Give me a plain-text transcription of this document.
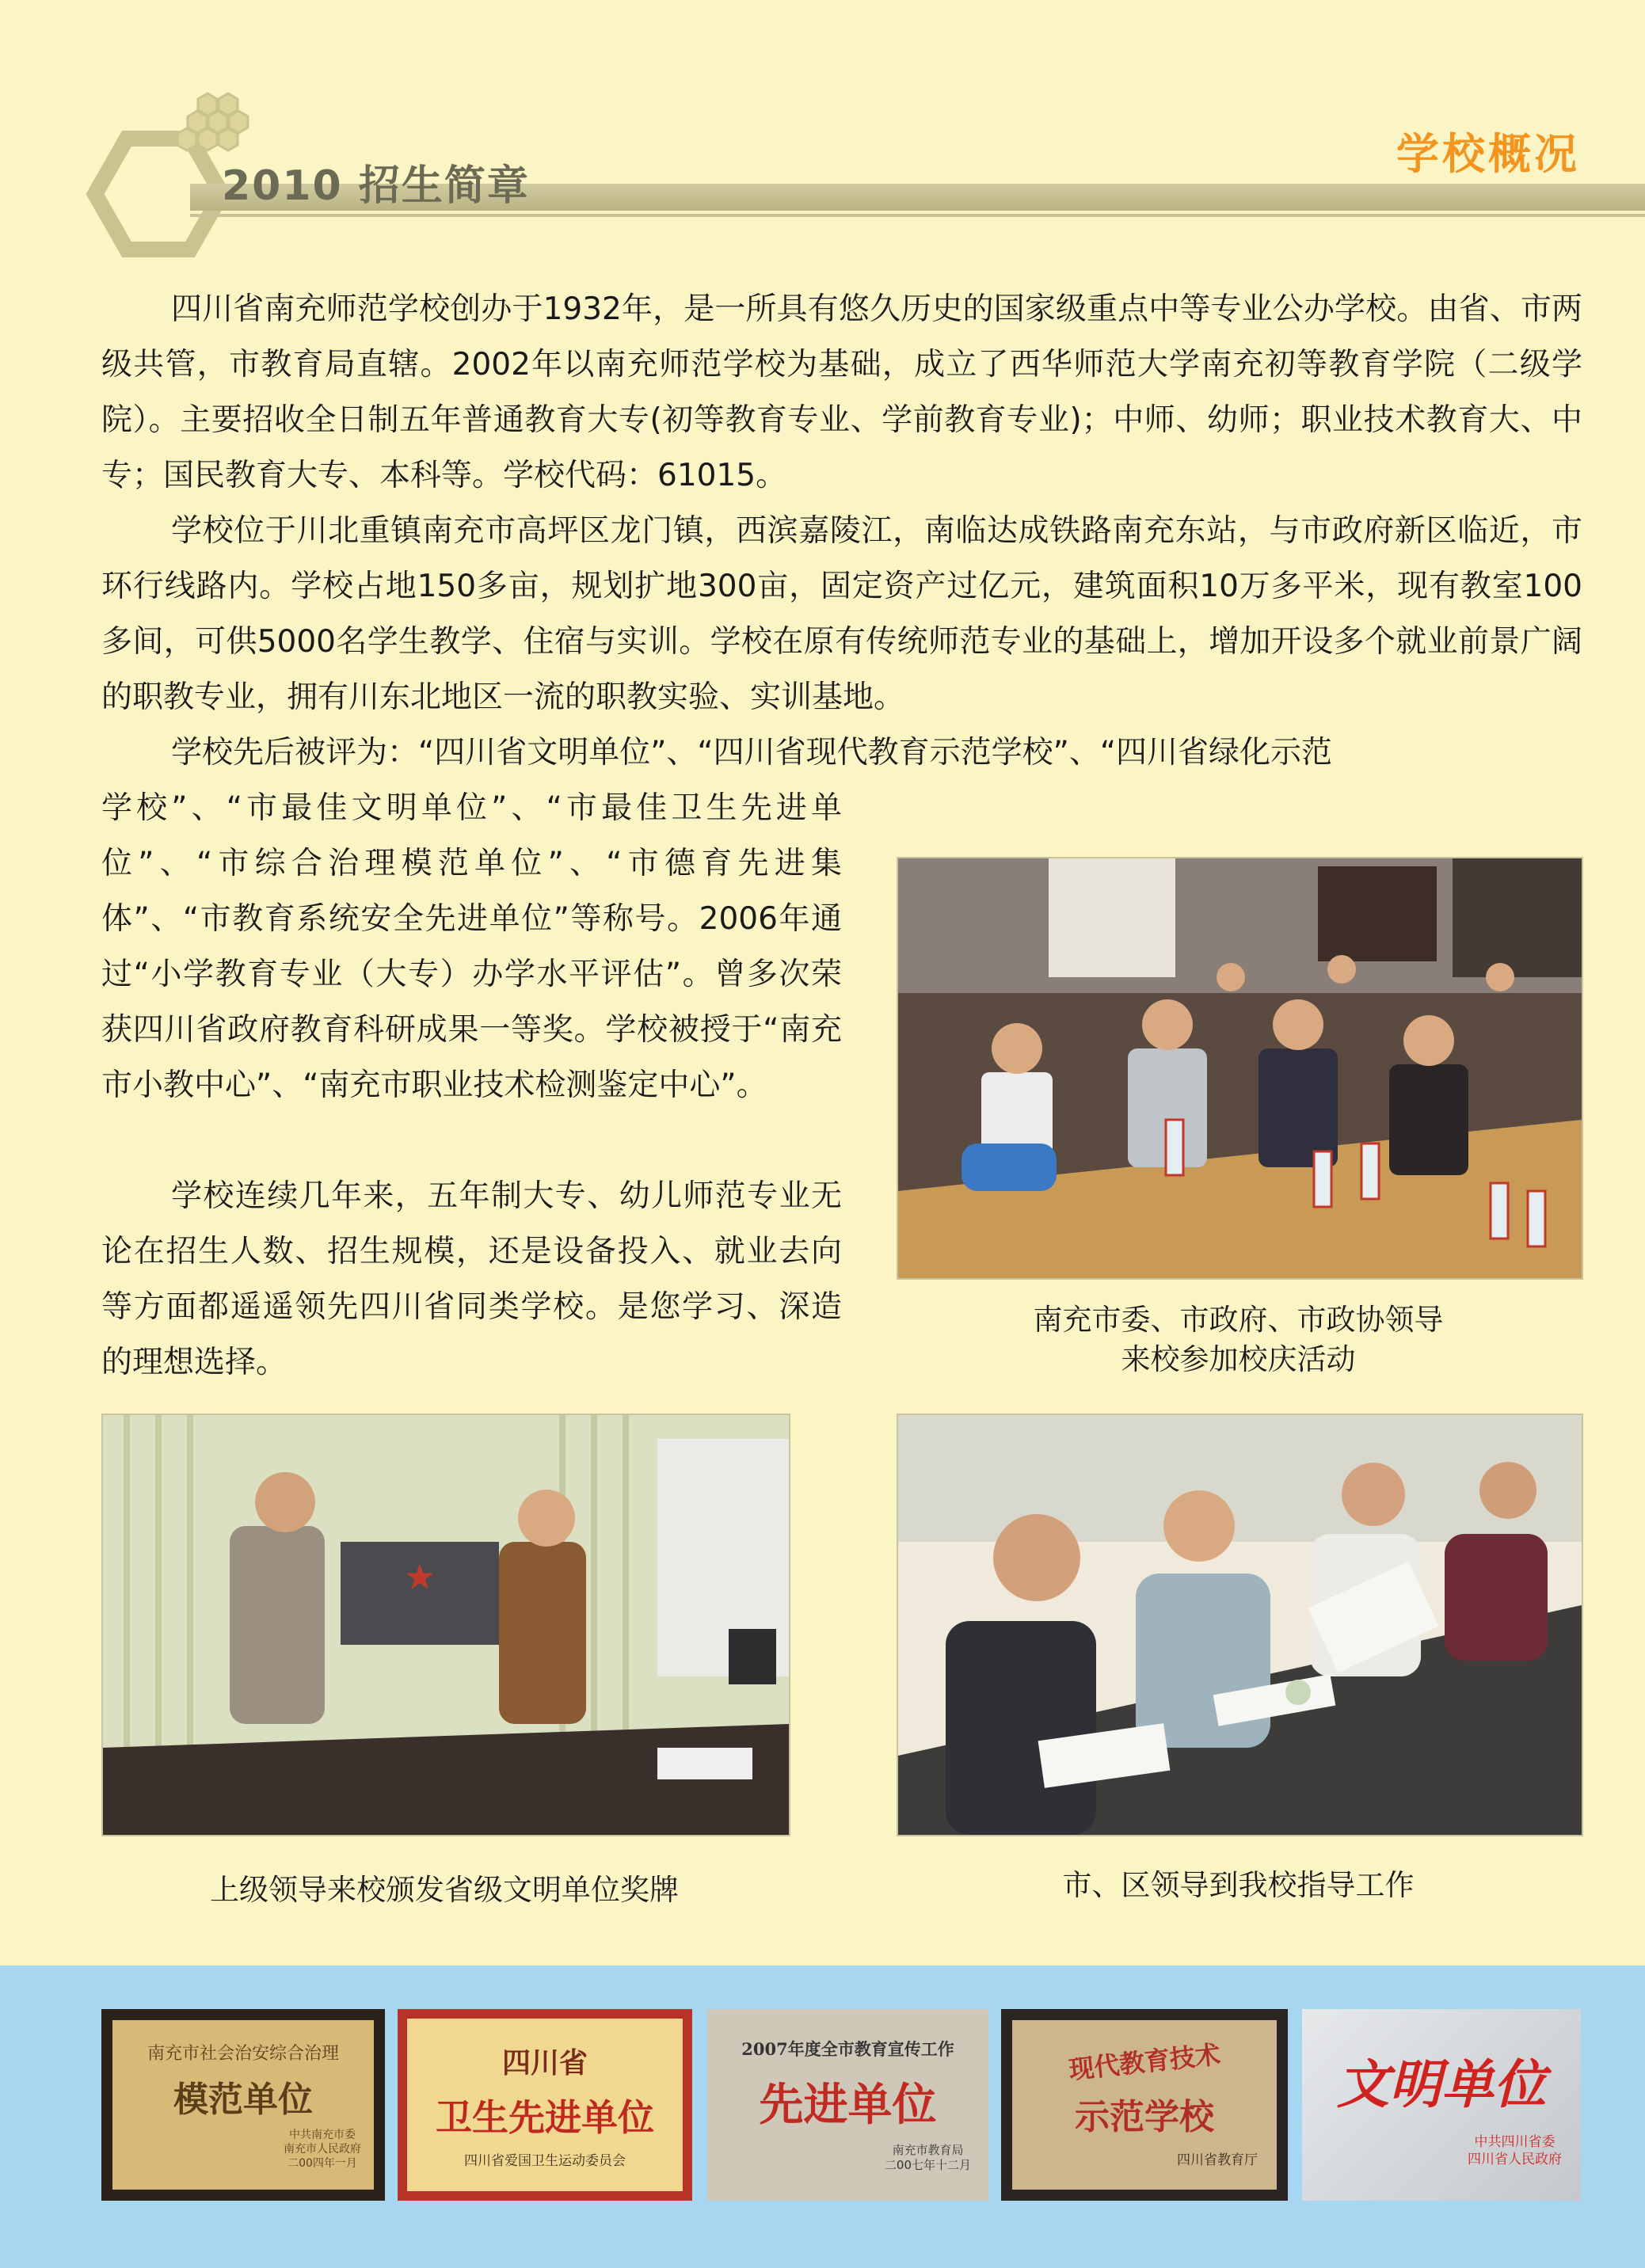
2010 招生简章
学校概况

四川省南充师范学校创办于1932年，是一所具有悠久历史的国家级重点中等专业公办学校。由省、市两级共管，市教育局直辖。2002年以南充师范学校为基础，成立了西华师范大学南充初等教育学院（二级学院）。主要招收全日制五年普通教育大专(初等教育专业、学前教育专业)；中师、幼师；职业技术教育大、中专；国民教育大专、本科等。学校代码：61015。

学校位于川北重镇南充市高坪区龙门镇，西滨嘉陵江，南临达成铁路南充东站，与市政府新区临近，市环行线路内。学校占地150多亩，规划扩地300亩，固定资产过亿元，建筑面积10万多平米，现有教室100多间，可供5000名学生教学、住宿与实训。学校在原有传统师范专业的基础上，增加开设多个就业前景广阔的职教专业，拥有川东北地区一流的职教实验、实训基地。

学校先后被评为：“四川省文明单位”、“四川省现代教育示范学校”、“四川省绿化示范

学校”、“市最佳文明单位”、“市最佳卫生先进单位”、“市综合治理模范单位”、“市德育先进集体”、“市教育系统安全先进单位”等称号。2006年通过“小学教育专业（大专）办学水平评估”。曾多次荣获四川省政府教育科研成果一等奖。学校被授于“南充市小教中心”、“南充市职业技术检测鉴定中心”。

学校连续几年来，五年制大专、幼儿师范专业无论在招生人数、招生规模，还是设备投入、就业去向等方面都遥遥领先四川省同类学校。是您学习、深造的理想选择。

南充市委、市政府、市政协领导
来校参加校庆活动
★
上级领导来校颁发省级文明单位奖牌	市、区领导到我校指导工作
南充市社会治安综合治理
模范单位
中共南充市委
南充市人民政府
二00四年一月
四川省
卫生先进单位
四川省爱国卫生运动委员会
2007年度全市教育宣传工作
先进单位
南充市教育局
二00七年十二月
现代教育技术
示范学校
四川省教育厅
文明单位
中共四川省委
四川省人民政府
